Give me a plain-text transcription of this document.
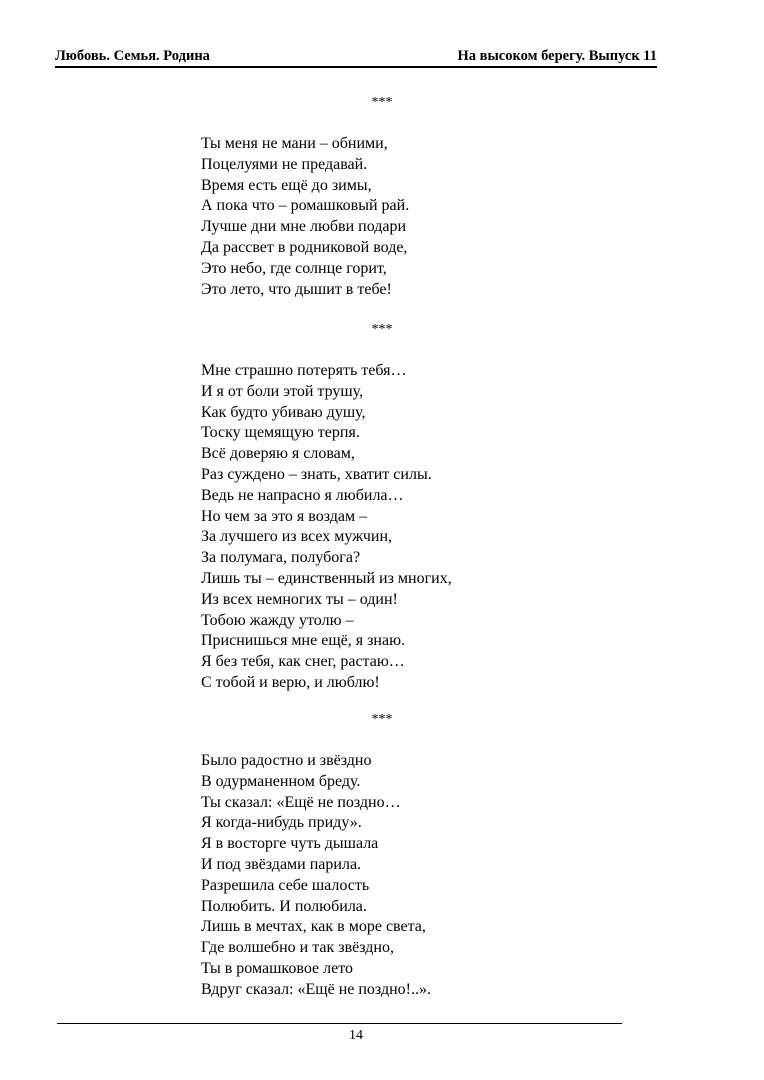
Любовь. Семья. Родина	На высоком берегу. Выпуск 11
***
Ты меня не мани – обними,
Поцелуями не предавай.
Время есть ещё до зимы,
А пока что – ромашковый рай.
Лучше дни мне любви подари
Да рассвет в родниковой воде,
Это небо, где солнце горит,
Это лето, что дышит в тебе!
***
Мне страшно потерять тебя…
И я от боли этой трушу,
Как будто убиваю душу,
Тоску щемящую терпя.
Всё доверяю я словам,
Раз суждено – знать, хватит силы.
Ведь не напрасно я любила…
Но чем за это я воздам –
За лучшего из всех мужчин,
За полумага, полубога?
Лишь ты – единственный из многих,
Из всех немногих ты – один!
Тобою жажду утолю –
Приснишься мне ещё, я знаю.
Я без тебя, как снег, растаю…
С тобой и верю, и люблю!
***
Было радостно и звёздно
В одурманенном бреду.
Ты сказал: «Ещё не поздно…
Я когда-нибудь приду».
Я в восторге чуть дышала
И под звёздами парила.
Разрешила себе шалость
Полюбить. И полюбила.
Лишь в мечтах, как в море света,
Где волшебно и так звёздно,
Ты в ромашковое лето
Вдруг сказал: «Ещё не поздно!..».
14
